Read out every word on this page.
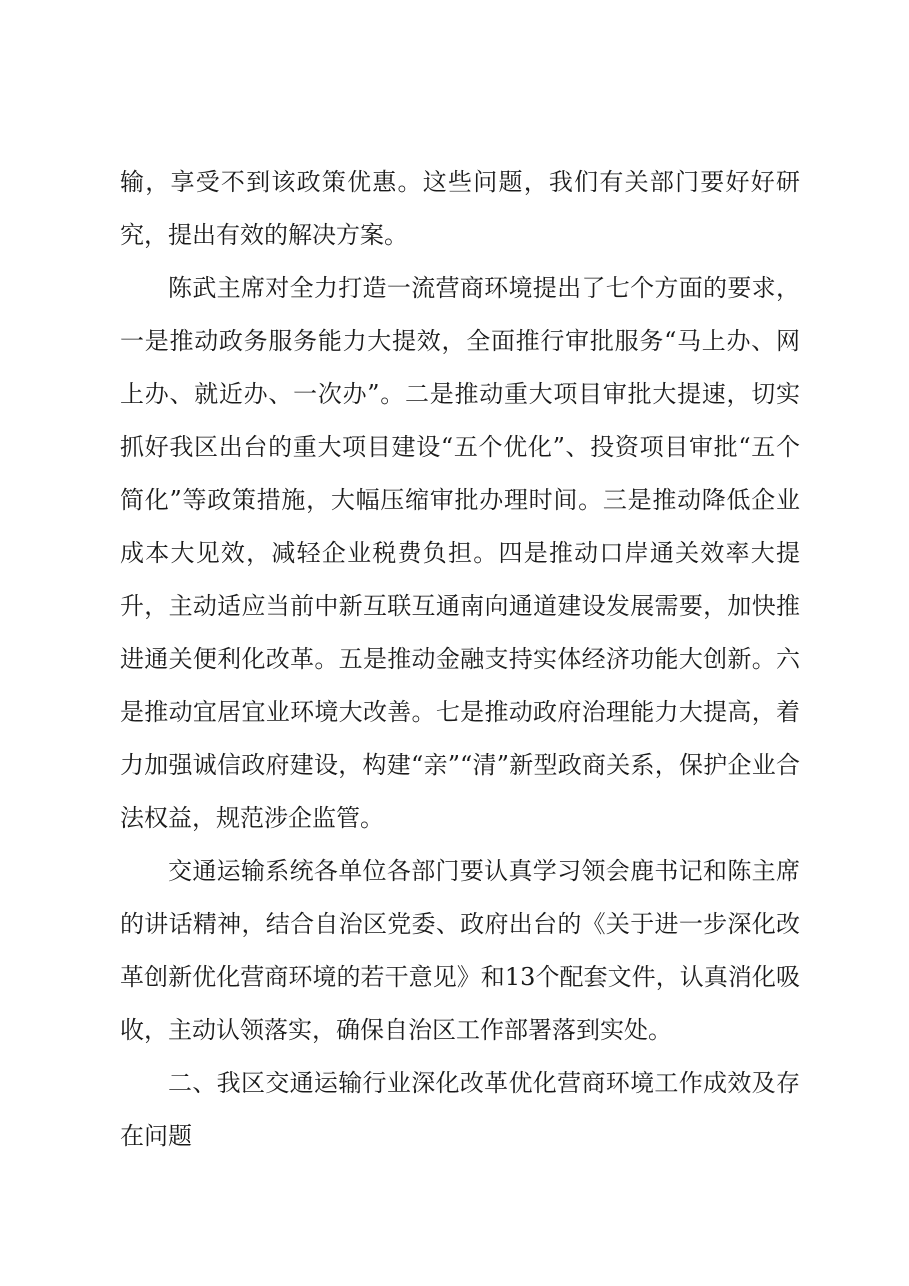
输，享受不到该政策优惠。这些问题，我们有关部门要好好研究，提出有效的解决方案。

陈武主席对全力打造一流营商环境提出了七个方面的要求，一是推动政务服务能力大提效，全面推行审批服务“马上办、网上办、就近办、一次办”。二是推动重大项目审批大提速，切实抓好我区出台的重大项目建设“五个优化”、投资项目审批“五个简化”等政策措施，大幅压缩审批办理时间。三是推动降低企业成本大见效，减轻企业税费负担。四是推动口岸通关效率大提升，主动适应当前中新互联互通南向通道建设发展需要，加快推进通关便利化改革。五是推动金融支持实体经济功能大创新。六是推动宜居宜业环境大改善。七是推动政府治理能力大提高，着力加强诚信政府建设，构建“亲”“清”新型政商关系，保护企业合法权益，规范涉企监管。

交通运输系统各单位各部门要认真学习领会鹿书记和陈主席的讲话精神，结合自治区党委、政府出台的《关于进一步深化改革创新优化营商环境的若干意见》和13个配套文件，认真消化吸收，主动认领落实，确保自治区工作部署落到实处。

二、我区交通运输行业深化改革优化营商环境工作成效及存在问题
